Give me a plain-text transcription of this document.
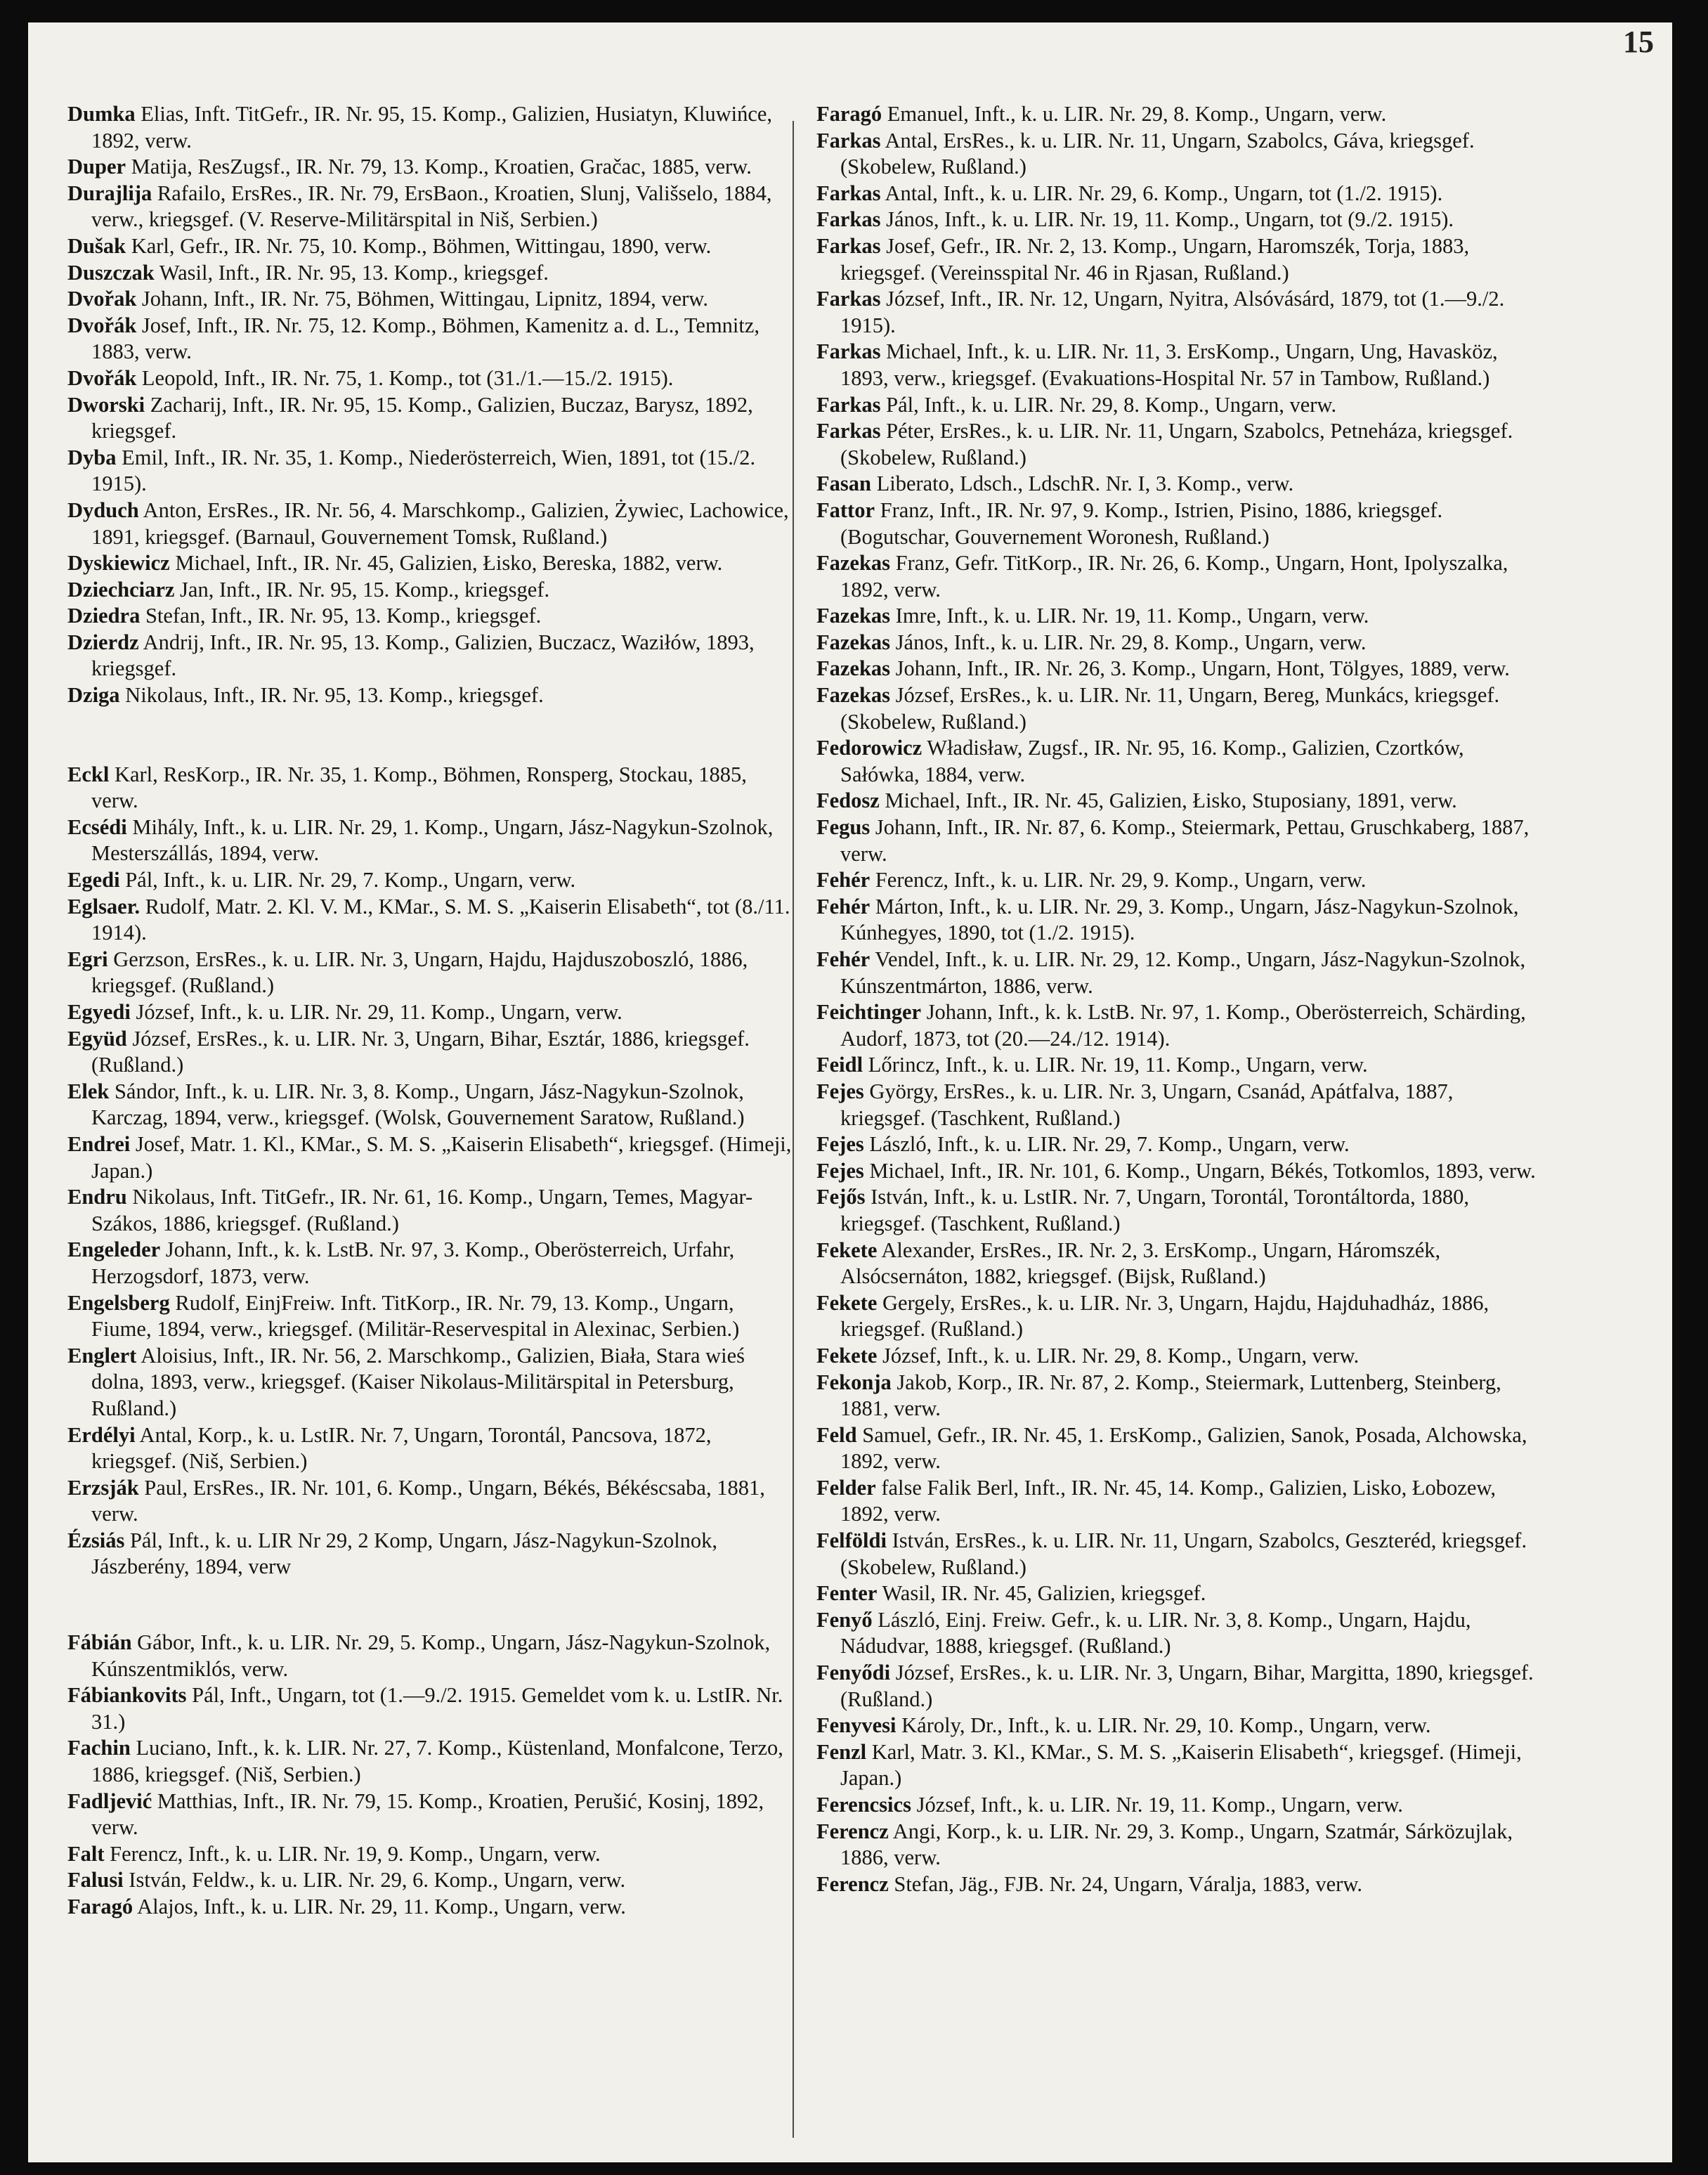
15
Dumka Elias, Inft. TitGefr., IR. Nr. 95, 15. Komp., Galizien, Husiatyn, Kluwińce, 1892, verw.
Duper Matija, ResZugsf., IR. Nr. 79, 13. Komp., Kroatien, Gračac, 1885, verw.
Durajlija Rafailo, ErsRes., IR. Nr. 79, ErsBaon., Kroatien, Slunj, Vališselo, 1884, verw., kriegsgef. (V. Reserve-Militärspital in Niš, Serbien.)
Dušak Karl, Gefr., IR. Nr. 75, 10. Komp., Böhmen, Wittingau, 1890, verw.
Duszczak Wasil, Inft., IR. Nr. 95, 13. Komp., kriegsgef.
Dvořak Johann, Inft., IR. Nr. 75, Böhmen, Wittingau, Lipnitz, 1894, verw.
Dvořák Josef, Inft., IR. Nr. 75, 12. Komp., Böhmen, Kamenitz a. d. L., Temnitz, 1883, verw.
Dvořák Leopold, Inft., IR. Nr. 75, 1. Komp., tot (31./1.—15./2. 1915).
Dworski Zacharij, Inft., IR. Nr. 95, 15. Komp., Galizien, Buczaz, Barysz, 1892, kriegsgef.
Dyba Emil, Inft., IR. Nr. 35, 1. Komp., Niederösterreich, Wien, 1891, tot (15./2. 1915).
Dyduch Anton, ErsRes., IR. Nr. 56, 4. Marschkomp., Galizien, Żywiec, Lachowice, 1891, kriegsgef. (Barnaul, Gouvernement Tomsk, Rußland.)
Dyskiewicz Michael, Inft., IR. Nr. 45, Galizien, Łisko, Bereska, 1882, verw.
Dziechciarz Jan, Inft., IR. Nr. 95, 15. Komp., kriegsgef.
Dziedra Stefan, Inft., IR. Nr. 95, 13. Komp., kriegsgef.
Dzierdz Andrij, Inft., IR. Nr. 95, 13. Komp., Galizien, Buczacz, Waziłów, 1893, kriegsgef.
Dziga Nikolaus, Inft., IR. Nr. 95, 13. Komp., kriegsgef.
Eckl Karl, ResKorp., IR. Nr. 35, 1. Komp., Böhmen, Ronsperg, Stockau, 1885, verw.
Ecsédi Mihály, Inft., k. u. LIR. Nr. 29, 1. Komp., Ungarn, Jász-Nagykun-Szolnok, Mesterszállás, 1894, verw.
Egedi Pál, Inft., k. u. LIR. Nr. 29, 7. Komp., Ungarn, verw.
Eglsaer. Rudolf, Matr. 2. Kl. V. M., KMar., S. M. S. „Kaiserin Elisabeth“, tot (8./11. 1914).
Egri Gerzson, ErsRes., k. u. LIR. Nr. 3, Ungarn, Hajdu, Hajduszoboszló, 1886, kriegsgef. (Rußland.)
Egyedi József, Inft., k. u. LIR. Nr. 29, 11. Komp., Ungarn, verw.
Együd József, ErsRes., k. u. LIR. Nr. 3, Ungarn, Bihar, Esztár, 1886, kriegsgef. (Rußland.)
Elek Sándor, Inft., k. u. LIR. Nr. 3, 8. Komp., Ungarn, Jász-Nagykun-Szolnok, Karczag, 1894, verw., kriegsgef. (Wolsk, Gouvernement Saratow, Rußland.)
Endrei Josef, Matr. 1. Kl., KMar., S. M. S. „Kaiserin Elisabeth“, kriegsgef. (Himeji, Japan.)
Endru Nikolaus, Inft. TitGefr., IR. Nr. 61, 16. Komp., Ungarn, Temes, Magyar-Szákos, 1886, kriegsgef. (Rußland.)
Engeleder Johann, Inft., k. k. LstB. Nr. 97, 3. Komp., Oberösterreich, Urfahr, Herzogsdorf, 1873, verw.
Engelsberg Rudolf, EinjFreiw. Inft. TitKorp., IR. Nr. 79, 13. Komp., Ungarn, Fiume, 1894, verw., kriegsgef. (Militär-Reservespital in Alexinac, Serbien.)
Englert Aloisius, Inft., IR. Nr. 56, 2. Marschkomp., Galizien, Biała, Stara wieś dolna, 1893, verw., kriegsgef. (Kaiser Nikolaus-Militärspital in Petersburg, Rußland.)
Erdélyi Antal, Korp., k. u. LstIR. Nr. 7, Ungarn, Torontál, Pancsova, 1872, kriegsgef. (Niš, Serbien.)
Erzsják Paul, ErsRes., IR. Nr. 101, 6. Komp., Ungarn, Békés, Békéscsaba, 1881, verw.
Ézsiás Pál, Inft., k. u. LIR Nr 29, 2 Komp, Ungarn, Jász-Nagykun-Szolnok, Jászberény, 1894, verw
Fábián Gábor, Inft., k. u. LIR. Nr. 29, 5. Komp., Ungarn, Jász-Nagykun-Szolnok, Kúnszentmiklós, verw.
Fábiankovits Pál, Inft., Ungarn, tot (1.—9./2. 1915. Gemeldet vom k. u. LstIR. Nr. 31.)
Fachin Luciano, Inft., k. k. LIR. Nr. 27, 7. Komp., Küstenland, Monfalcone, Terzo, 1886, kriegsgef. (Niš, Serbien.)
Fadljević Matthias, Inft., IR. Nr. 79, 15. Komp., Kroatien, Perušić, Kosinj, 1892, verw.
Falt Ferencz, Inft., k. u. LIR. Nr. 19, 9. Komp., Ungarn, verw.
Falusi István, Feldw., k. u. LIR. Nr. 29, 6. Komp., Ungarn, verw.
Faragó Alajos, Inft., k. u. LIR. Nr. 29, 11. Komp., Ungarn, verw.
Faragó Emanuel, Inft., k. u. LIR. Nr. 29, 8. Komp., Ungarn, verw.
Farkas Antal, ErsRes., k. u. LIR. Nr. 11, Ungarn, Szabolcs, Gáva, kriegsgef. (Skobelew, Rußland.)
Farkas Antal, Inft., k. u. LIR. Nr. 29, 6. Komp., Ungarn, tot (1./2. 1915).
Farkas János, Inft., k. u. LIR. Nr. 19, 11. Komp., Ungarn, tot (9./2. 1915).
Farkas Josef, Gefr., IR. Nr. 2, 13. Komp., Ungarn, Haromszék, Torja, 1883, kriegsgef. (Vereinsspital Nr. 46 in Rjasan, Rußland.)
Farkas József, Inft., IR. Nr. 12, Ungarn, Nyitra, Alsóvásárd, 1879, tot (1.—9./2. 1915).
Farkas Michael, Inft., k. u. LIR. Nr. 11, 3. ErsKomp., Ungarn, Ung, Havasköz, 1893, verw., kriegsgef. (Evakuations-Hospital Nr. 57 in Tambow, Rußland.)
Farkas Pál, Inft., k. u. LIR. Nr. 29, 8. Komp., Ungarn, verw.
Farkas Péter, ErsRes., k. u. LIR. Nr. 11, Ungarn, Szabolcs, Petneháza, kriegsgef. (Skobelew, Rußland.)
Fasan Liberato, Ldsch., LdschR. Nr. I, 3. Komp., verw.
Fattor Franz, Inft., IR. Nr. 97, 9. Komp., Istrien, Pisino, 1886, kriegsgef. (Bogutschar, Gouvernement Woronesh, Rußland.)
Fazekas Franz, Gefr. TitKorp., IR. Nr. 26, 6. Komp., Ungarn, Hont, Ipolyszalka, 1892, verw.
Fazekas Imre, Inft., k. u. LIR. Nr. 19, 11. Komp., Ungarn, verw.
Fazekas János, Inft., k. u. LIR. Nr. 29, 8. Komp., Ungarn, verw.
Fazekas Johann, Inft., IR. Nr. 26, 3. Komp., Ungarn, Hont, Tölgyes, 1889, verw.
Fazekas József, ErsRes., k. u. LIR. Nr. 11, Ungarn, Bereg, Munkács, kriegsgef. (Skobelew, Rußland.)
Fedorowicz Władisław, Zugsf., IR. Nr. 95, 16. Komp., Galizien, Czortków, Sałówka, 1884, verw.
Fedosz Michael, Inft., IR. Nr. 45, Galizien, Łisko, Stuposiany, 1891, verw.
Fegus Johann, Inft., IR. Nr. 87, 6. Komp., Steiermark, Pettau, Gruschkaberg, 1887, verw.
Fehér Ferencz, Inft., k. u. LIR. Nr. 29, 9. Komp., Ungarn, verw.
Fehér Márton, Inft., k. u. LIR. Nr. 29, 3. Komp., Ungarn, Jász-Nagykun-Szolnok, Kúnhegyes, 1890, tot (1./2. 1915).
Fehér Vendel, Inft., k. u. LIR. Nr. 29, 12. Komp., Ungarn, Jász-Nagykun-Szolnok, Kúnszentmárton, 1886, verw.
Feichtinger Johann, Inft., k. k. LstB. Nr. 97, 1. Komp., Oberösterreich, Schärding, Audorf, 1873, tot (20.—24./12. 1914).
Feidl Lőrincz, Inft., k. u. LIR. Nr. 19, 11. Komp., Ungarn, verw.
Fejes György, ErsRes., k. u. LIR. Nr. 3, Ungarn, Csanád, Apátfalva, 1887, kriegsgef. (Taschkent, Rußland.)
Fejes László, Inft., k. u. LIR. Nr. 29, 7. Komp., Ungarn, verw.
Fejes Michael, Inft., IR. Nr. 101, 6. Komp., Ungarn, Békés, Totkomlos, 1893, verw.
Fejős István, Inft., k. u. LstIR. Nr. 7, Ungarn, Torontál, Torontáltorda, 1880, kriegsgef. (Taschkent, Rußland.)
Fekete Alexander, ErsRes., IR. Nr. 2, 3. ErsKomp., Ungarn, Háromszék, Alsócsernáton, 1882, kriegsgef. (Bijsk, Rußland.)
Fekete Gergely, ErsRes., k. u. LIR. Nr. 3, Ungarn, Hajdu, Hajduhadház, 1886, kriegsgef. (Rußland.)
Fekete József, Inft., k. u. LIR. Nr. 29, 8. Komp., Ungarn, verw.
Fekonja Jakob, Korp., IR. Nr. 87, 2. Komp., Steiermark, Luttenberg, Steinberg, 1881, verw.
Feld Samuel, Gefr., IR. Nr. 45, 1. ErsKomp., Galizien, Sanok, Posada, Alchowska, 1892, verw.
Felder false Falik Berl, Inft., IR. Nr. 45, 14. Komp., Galizien, Lisko, Łobozew, 1892, verw.
Felföldi István, ErsRes., k. u. LIR. Nr. 11, Ungarn, Szabolcs, Geszteréd, kriegsgef. (Skobelew, Rußland.)
Fenter Wasil, IR. Nr. 45, Galizien, kriegsgef.
Fenyő László, Einj. Freiw. Gefr., k. u. LIR. Nr. 3, 8. Komp., Ungarn, Hajdu, Nádudvar, 1888, kriegsgef. (Rußland.)
Fenyődi József, ErsRes., k. u. LIR. Nr. 3, Ungarn, Bihar, Margitta, 1890, kriegsgef. (Rußland.)
Fenyvesi Károly, Dr., Inft., k. u. LIR. Nr. 29, 10. Komp., Ungarn, verw.
Fenzl Karl, Matr. 3. Kl., KMar., S. M. S. „Kaiserin Elisabeth“, kriegsgef. (Himeji, Japan.)
Ferencsics József, Inft., k. u. LIR. Nr. 19, 11. Komp., Ungarn, verw.
Ferencz Angi, Korp., k. u. LIR. Nr. 29, 3. Komp., Ungarn, Szatmár, Sárközujlak, 1886, verw.
Ferencz Stefan, Jäg., FJB. Nr. 24, Ungarn, Váralja, 1883, verw.
